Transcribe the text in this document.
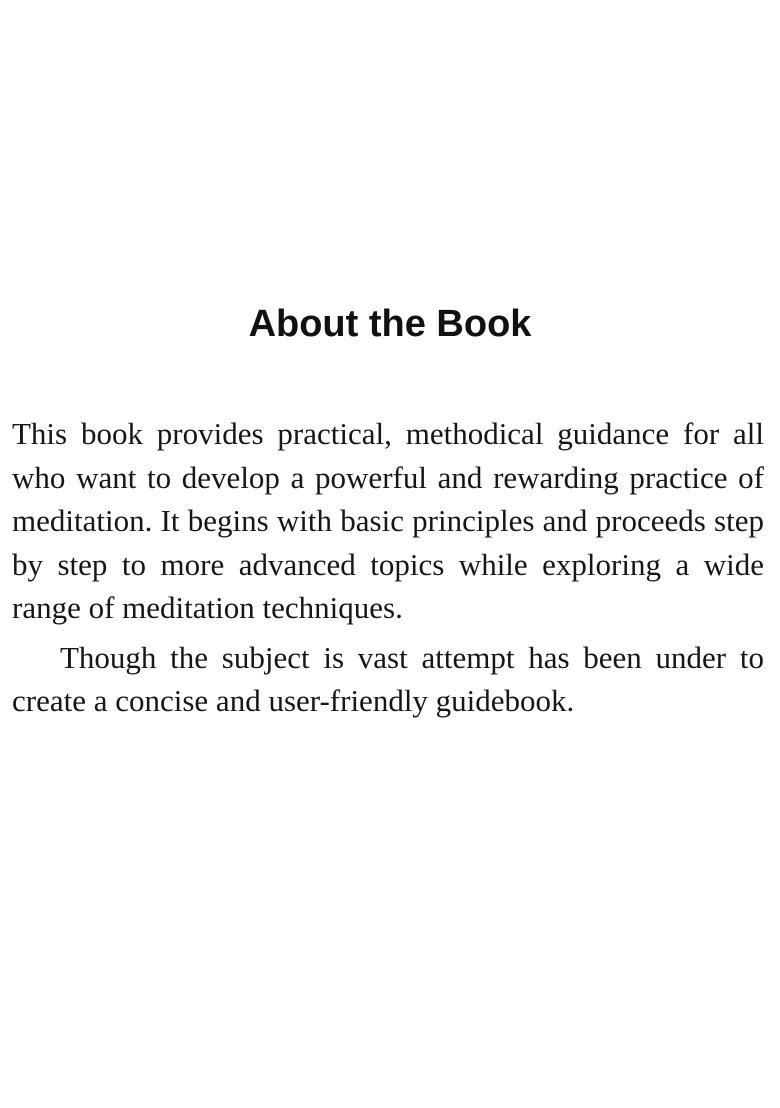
About the Book

This book provides practical, methodical guidance for all who want to develop a powerful and rewarding practice of meditation. It begins with basic principles and proceeds step by step to more advanced topics while exploring a wide range of meditation techniques.

Though the subject is vast attempt has been under to create a concise and user-friendly guidebook.
